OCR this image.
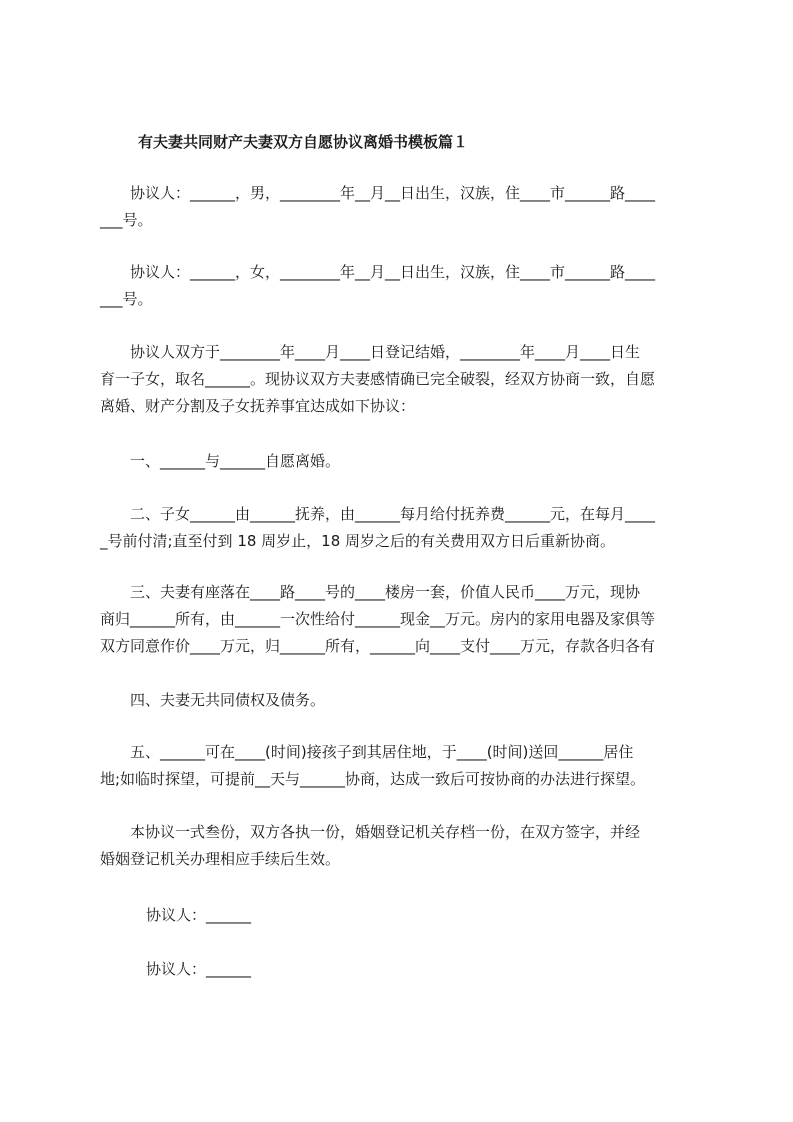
有夫妻共同财产夫妻双方自愿协议离婚书模板篇１
　　协议人：______，男，________年__月__日出生，汉族，住____市______路____
___号。
　　协议人：______，女，________年__月__日出生，汉族，住____市______路____
___号。
　　协议人双方于________年____月____日登记结婚，________年____月____日生
育一子女，取名______。现协议双方夫妻感情确已完全破裂，经双方协商一致，自愿
离婚、财产分割及子女抚养事宜达成如下协议：
　　一、______与______自愿离婚。
　　二、子女______由______抚养，由______每月给付抚养费______元，在每月____
_号前付清;直至付到 18 周岁止，18 周岁之后的有关费用双方日后重新协商。
　　三、夫妻有座落在____路____号的____楼房一套，价值人民币____万元，现协
商归______所有，由______一次性给付______现金__万元。房内的家用电器及家俱等
双方同意作价____万元，归______所有，______向____支付____万元，存款各归各有
　　四、夫妻无共同债权及债务。
　　五、______可在____(时间)接孩子到其居住地，于____(时间)送回______居住
地;如临时探望，可提前__天与______协商，达成一致后可按协商的办法进行探望。
　　本协议一式叁份，双方各执一份，婚姻登记机关存档一份，在双方签字，并经
婚姻登记机关办理相应手续后生效。
协议人：______
协议人：______
